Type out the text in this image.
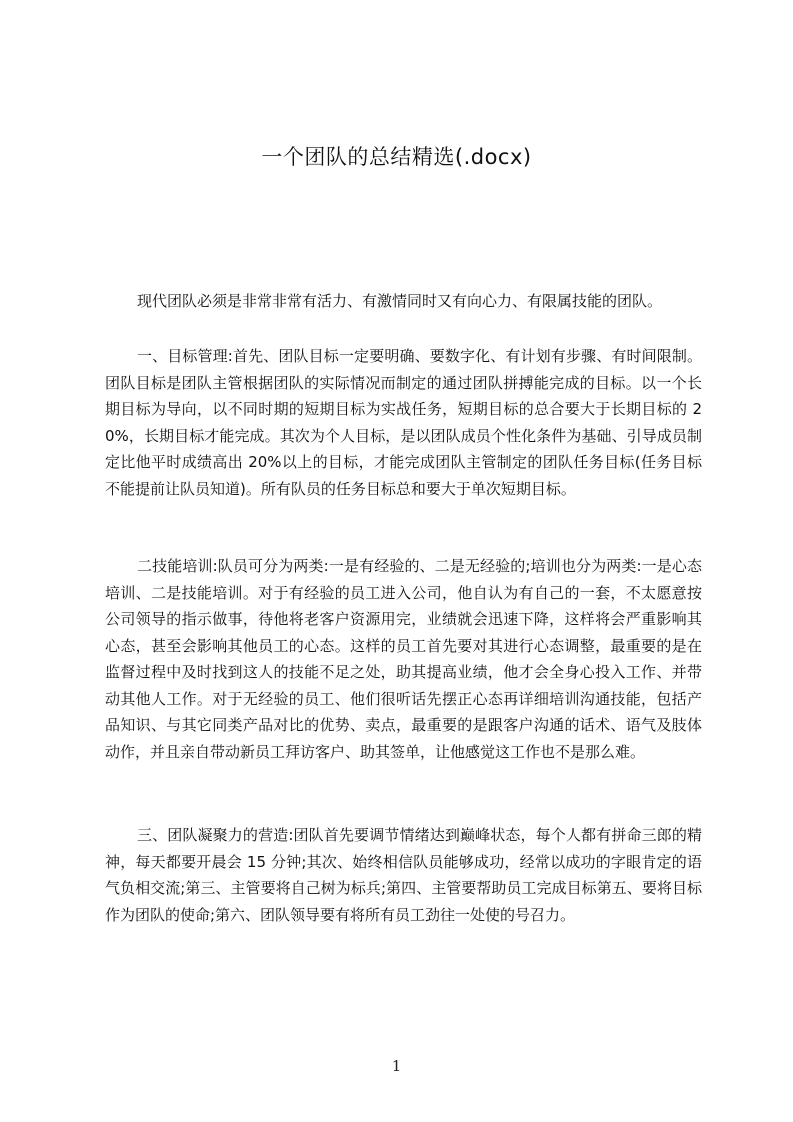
一个团队的总结精选(.docx)
现代团队必须是非常非常有活力、有激情同时又有向心力、有限属技能的团队。
一、目标管理:首先、团队目标一定要明确、要数字化、有计划有步骤、有时间限制。团队目标是团队主管根据团队的实际情况而制定的通过团队拼搏能完成的目标。以一个长期目标为导向，以不同时期的短期目标为实战任务，短期目标的总合要大于长期目标的 20%，长期目标才能完成。其次为个人目标，是以团队成员个性化条件为基础、引导成员制定比他平时成绩高出 20%以上的目标，才能完成团队主管制定的团队任务目标(任务目标不能提前让队员知道)。所有队员的任务目标总和要大于单次短期目标。
二技能培训:队员可分为两类:一是有经验的、二是无经验的;培训也分为两类:一是心态培训、二是技能培训。对于有经验的员工进入公司，他自认为有自己的一套，不太愿意按公司领导的指示做事，待他将老客户资源用完，业绩就会迅速下降，这样将会严重影响其心态，甚至会影响其他员工的心态。这样的员工首先要对其进行心态调整，最重要的是在监督过程中及时找到这人的技能不足之处，助其提高业绩，他才会全身心投入工作、并带动其他人工作。对于无经验的员工、他们很听话先摆正心态再详细培训沟通技能，包括产品知识、与其它同类产品对比的优势、卖点，最重要的是跟客户沟通的话术、语气及肢体动作，并且亲自带动新员工拜访客户、助其签单，让他感觉这工作也不是那么难。
三、团队凝聚力的营造:团队首先要调节情绪达到巅峰状态，每个人都有拼命三郎的精神，每天都要开晨会 15 分钟;其次、始终相信队员能够成功，经常以成功的字眼肯定的语气负相交流;第三、主管要将自己树为标兵;第四、主管要帮助员工完成目标第五、要将目标作为团队的使命;第六、团队领导要有将所有员工劲往一处使的号召力。
1
